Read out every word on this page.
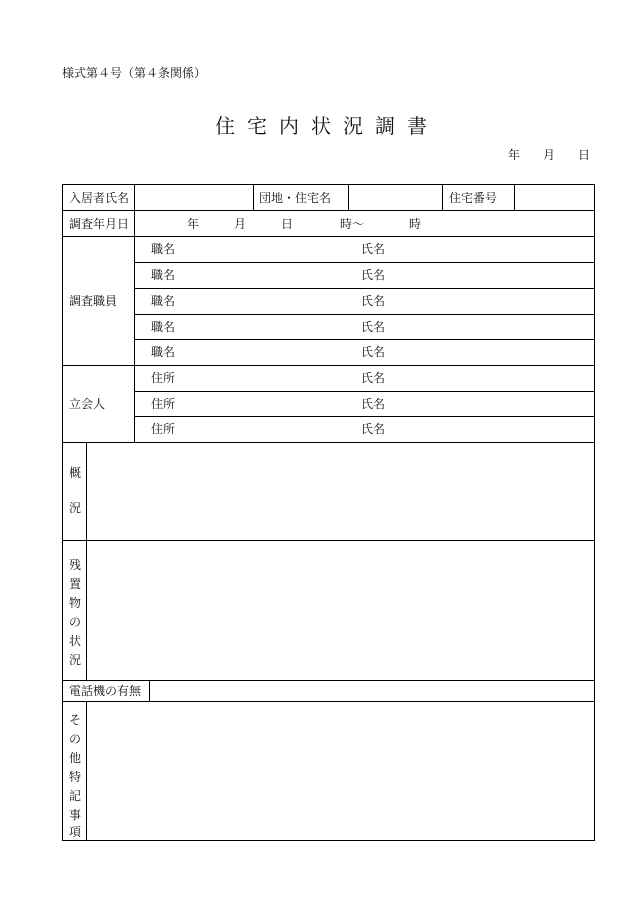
様式第４号（第４条関係）
住宅内状況調書
年 月 日
入居者氏名	団地・住宅名	住宅番号
調査年月日	年	月	日	時～	時
調査職員
職名	氏名
職名	氏名
職名	氏名
職名	氏名
職名	氏名
立会人
住所	氏名
住所	氏名
住所	氏名
概
況
残
置
物
の
状
況
電話機の有無
そ
の
他
特
記
事
項
